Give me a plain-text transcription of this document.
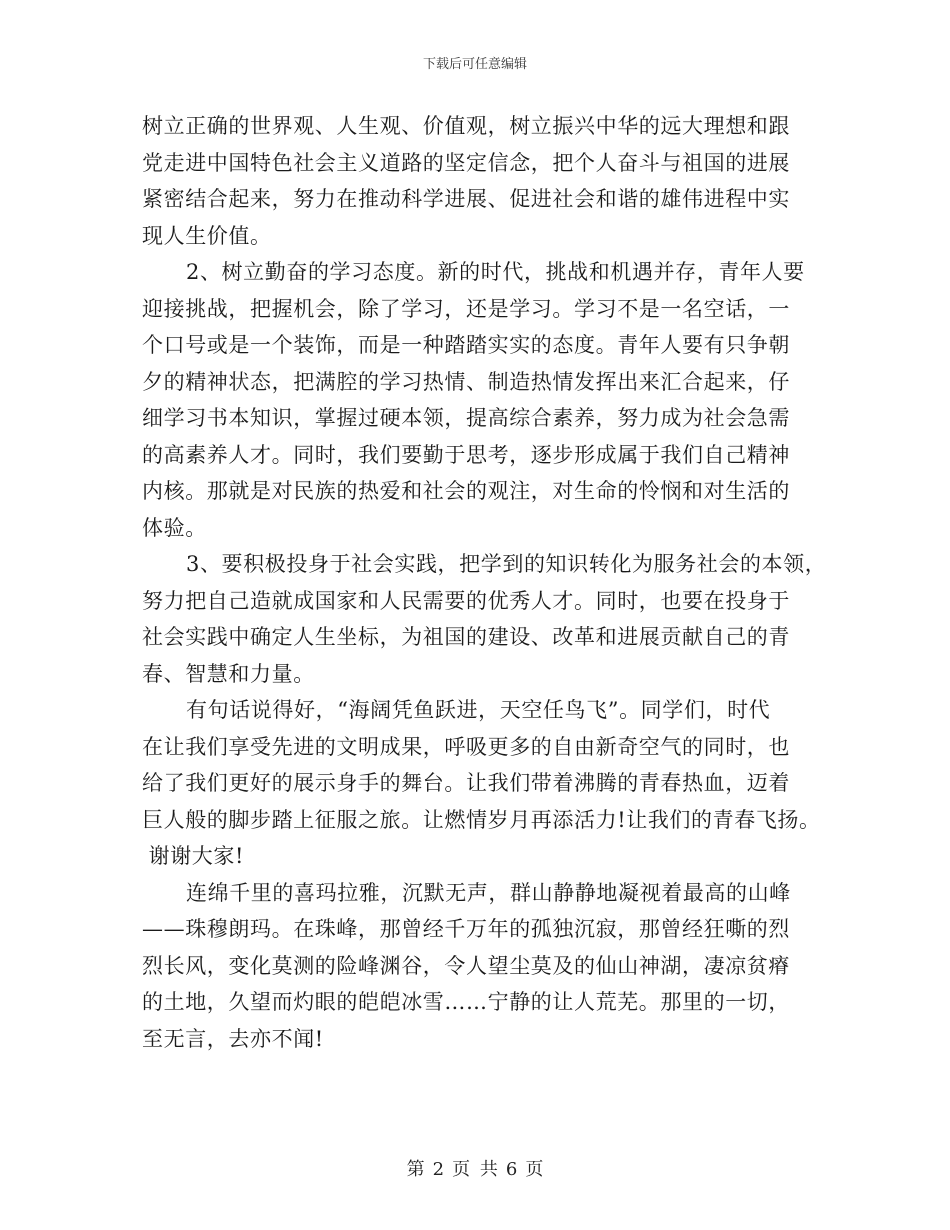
下载后可任意编辑
树立正确的世界观、人生观、价值观，树立振兴中华的远大理想和跟
党走进中国特色社会主义道路的坚定信念，把个人奋斗与祖国的进展
紧密结合起来，努力在推动科学进展、促进社会和谐的雄伟进程中实
现人生价值。
2、树立勤奋的学习态度。新的时代，挑战和机遇并存，青年人要
迎接挑战，把握机会，除了学习，还是学习。学习不是一名空话，一
个口号或是一个装饰，而是一种踏踏实实的态度。青年人要有只争朝
夕的精神状态，把满腔的学习热情、制造热情发挥出来汇合起来，仔
细学习书本知识，掌握过硬本领，提高综合素养，努力成为社会急需
的高素养人才。同时，我们要勤于思考，逐步形成属于我们自己精神
内核。那就是对民族的热爱和社会的观注，对生命的怜悯和对生活的
体验。
3、要积极投身于社会实践，把学到的知识转化为服务社会的本领，
努力把自己造就成国家和人民需要的优秀人才。同时，也要在投身于
社会实践中确定人生坐标，为祖国的建设、改革和进展贡献自己的青
春、智慧和力量。
有句话说得好，“海阔凭鱼跃进，天空任鸟飞”。同学们，时代
在让我们享受先进的文明成果，呼吸更多的自由新奇空气的同时，也
给了我们更好的展示身手的舞台。让我们带着沸腾的青春热血，迈着
巨人般的脚步踏上征服之旅。让燃情岁月再添活力!让我们的青春飞扬。
谢谢大家!
连绵千里的喜玛拉雅，沉默无声，群山静静地凝视着最高的山峰
——珠穆朗玛。在珠峰，那曾经千万年的孤独沉寂，那曾经狂嘶的烈
烈长风，变化莫测的险峰渊谷，令人望尘莫及的仙山神湖，凄凉贫瘠
的土地，久望而灼眼的皑皑冰雪……宁静的让人荒芜。那里的一切，
至无言，去亦不闻!
第 2 页 共 6 页
